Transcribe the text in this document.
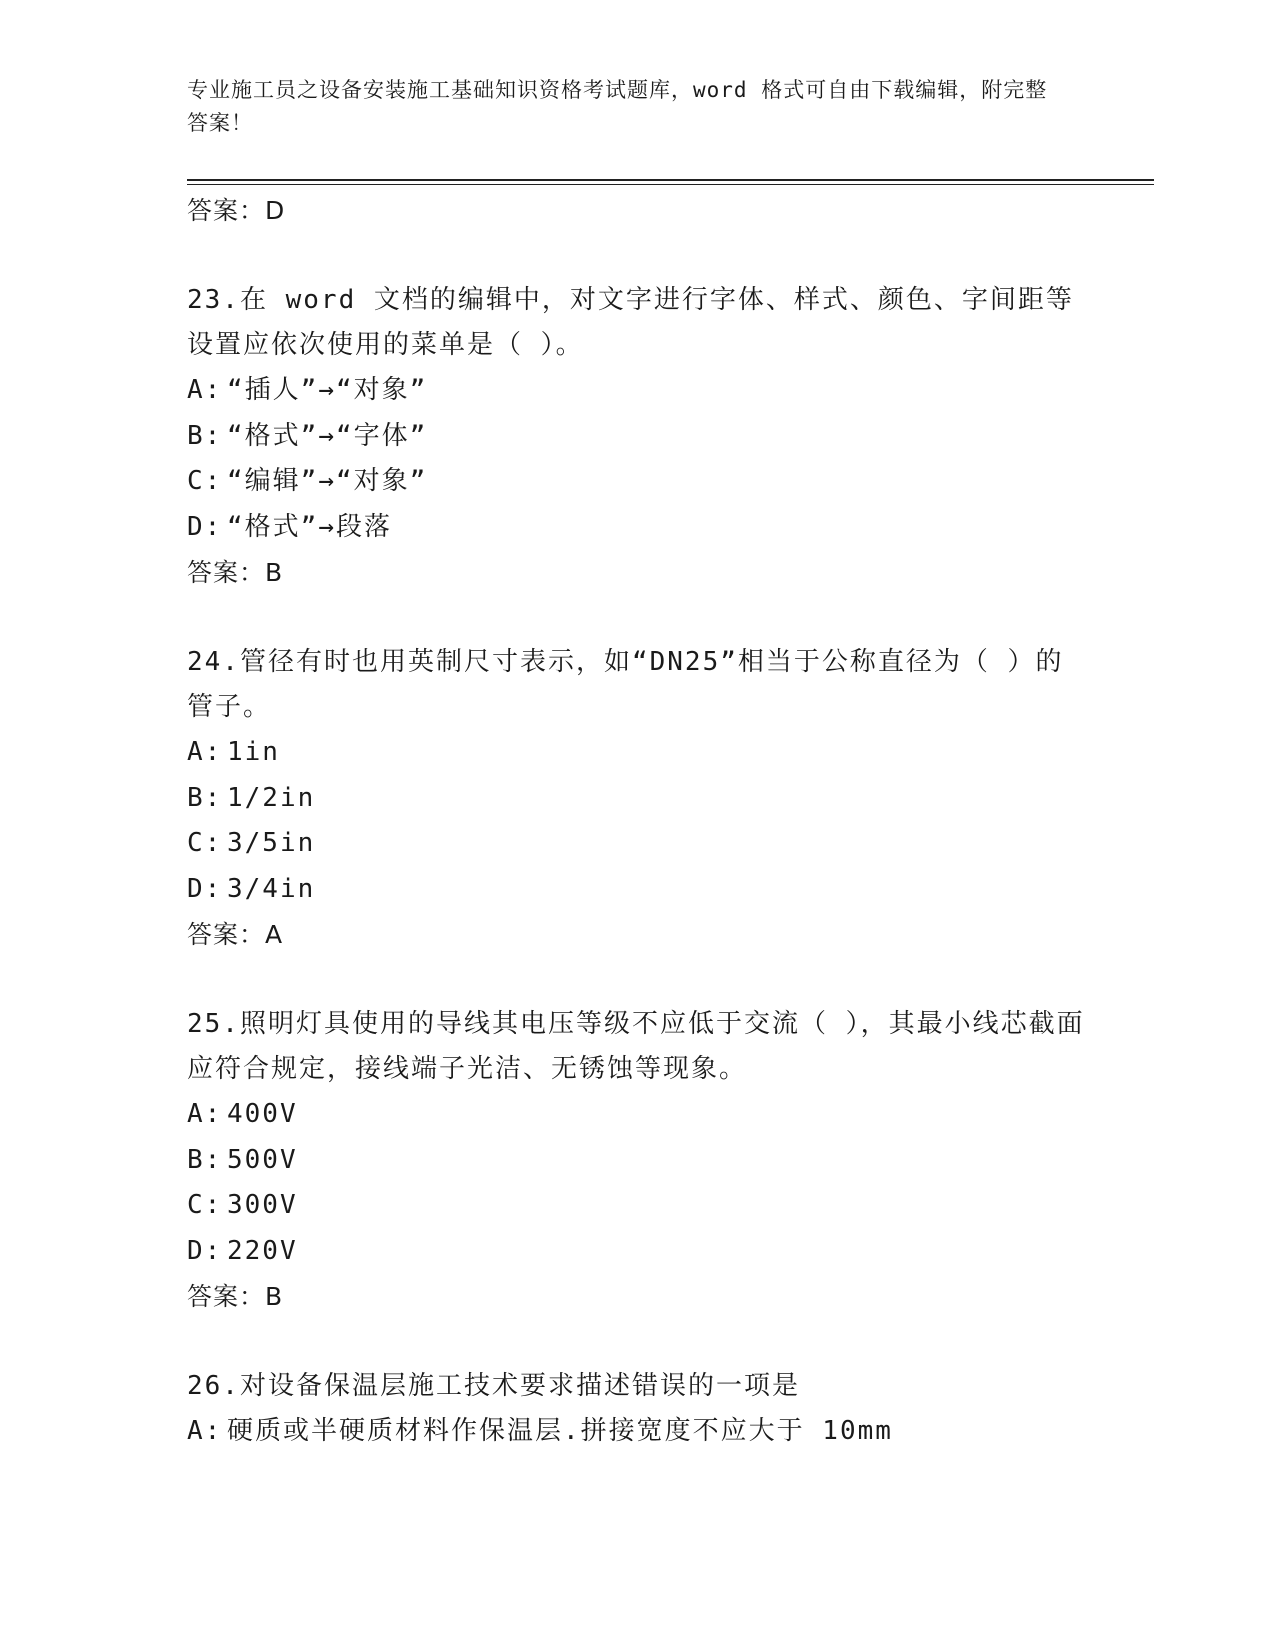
专业施工员之设备安装施工基础知识资格考试题库，word 格式可自由下载编辑，附完整答案！
答案：D
23.在 word 文档的编辑中，对文字进行字体、样式、颜色、字间距等设置应依次使用的菜单是（ ）。
A: “插人”→“对象”
B: “格式”→“字体”
C: “编辑”→“对象”
D: “格式”→段落
答案：B
24.管径有时也用英制尺寸表示，如“DN25”相当于公称直径为（ ）的管子。
A: 1in
B: 1/2in
C: 3/5in
D: 3/4in
答案：A
25.照明灯具使用的导线其电压等级不应低于交流（ ），其最小线芯截面应符合规定，接线端子光洁、无锈蚀等现象。
A: 400V
B: 500V
C: 300V
D: 220V
答案：B
26.对设备保温层施工技术要求描述错误的一项是
A: 硬质或半硬质材料作保温层.拼接宽度不应大于 10mm
